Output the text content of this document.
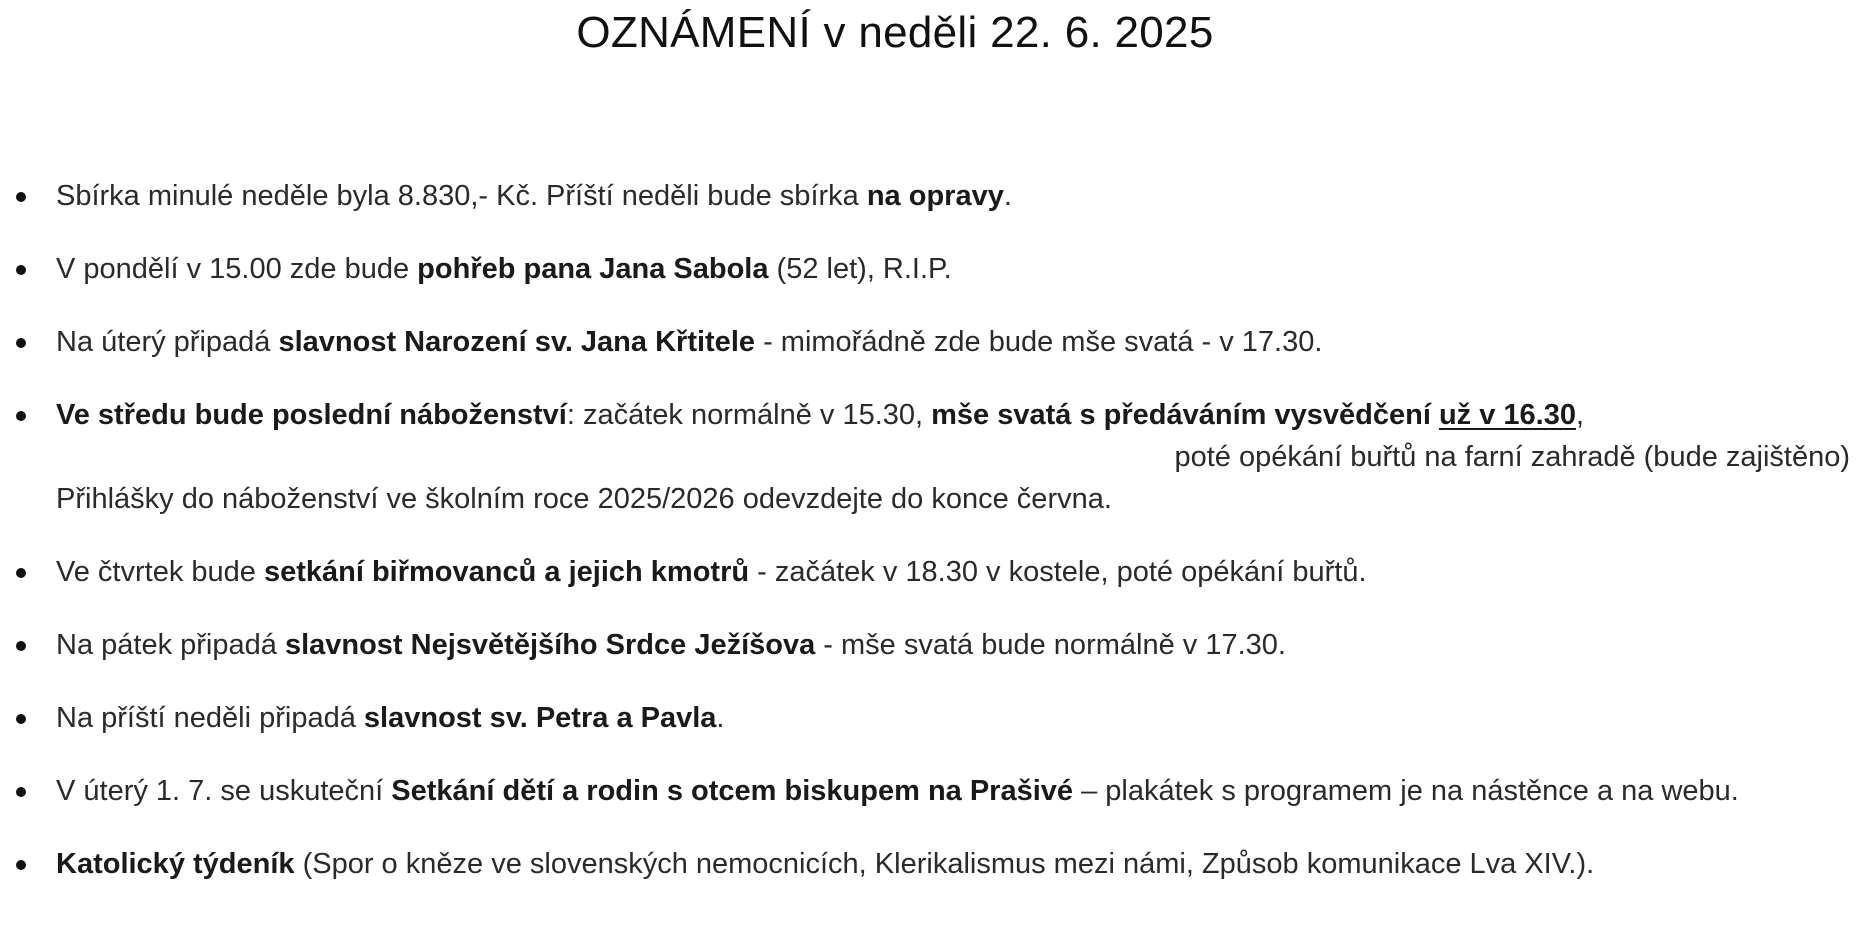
OZNÁMENÍ v neděli 22. 6. 2025
Sbírka minulé neděle byla 8.830,- Kč. Příští neděli bude sbírka na opravy.
V pondělí v 15.00 zde bude pohřeb pana Jana Sabola (52 let), R.I.P.
Na úterý připadá slavnost Narození sv. Jana Křtitele - mimořádně zde bude mše svatá - v 17.30.
Ve středu bude poslední náboženství: začátek normálně v 15.30, mše svatá s předáváním vysvědčení už v 16.30,
poté opékání buřtů na farní zahradě (bude zajištěno)
Přihlášky do náboženství ve školním roce 2025/2026 odevzdejte do konce června.
Ve čtvrtek bude setkání biřmovanců a jejich kmotrů - začátek v 18.30 v kostele, poté opékání buřtů.
Na pátek připadá slavnost Nejsvětějšího Srdce Ježíšova - mše svatá bude normálně v 17.30.
Na příští neděli připadá slavnost sv. Petra a Pavla.
V úterý 1. 7. se uskuteční Setkání dětí a rodin s otcem biskupem na Prašivé – plakátek s programem je na nástěnce a na webu.
Katolický týdeník (Spor o kněze ve slovenských nemocnicích, Klerikalismus mezi námi, Způsob komunikace Lva XIV.).
